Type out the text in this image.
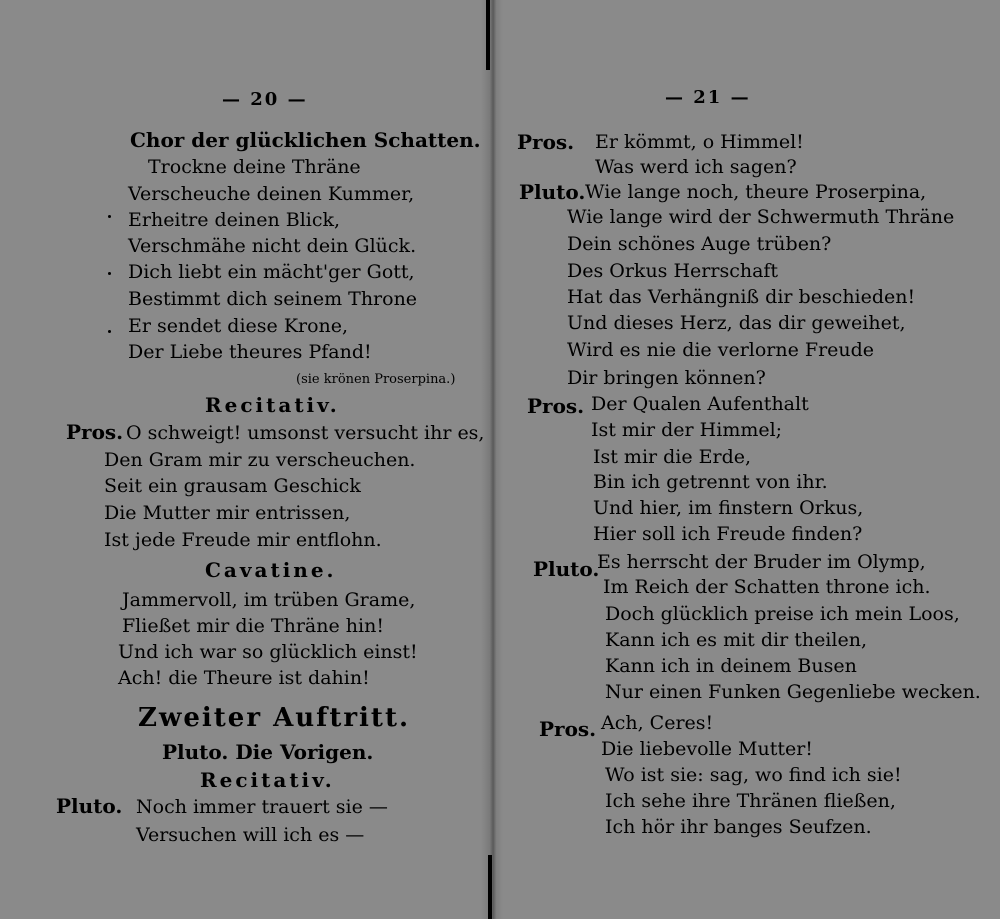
— 20 —
Chor der glücklichen Schatten.
Trockne deine Thräne
Verscheuche deinen Kummer,
Erheitre deinen Blick,
Verschmähe nicht dein Glück.
Dich liebt ein mächt'ger Gott,
Bestimmt dich seinem Throne
Er sendet diese Krone,
Der Liebe theures Pfand!
(sie krönen Proserpina.)
Recitativ.
Pros. O schweigt! umsonst versucht ihr es,
Den Gram mir zu verscheuchen.
Seit ein grausam Geschick
Die Mutter mir entrissen,
Ist jede Freude mir entflohn.
Cavatine.
Jammervoll, im trüben Grame,
Fließet mir die Thräne hin!
Und ich war so glücklich einst!
Ach! die Theure ist dahin!
Zweiter Auftritt.
Pluto. Die Vorigen.
Recitativ.
Pluto. Noch immer trauert sie —
Versuchen will ich es —
— 21 —
Pros. Er kömmt, o Himmel!
Was werd ich sagen?
Pluto. Wie lange noch, theure Proserpina,
Wie lange wird der Schwermuth Thräne
Dein schönes Auge trüben?
Des Orkus Herrschaft
Hat das Verhängniß dir beschieden!
Und dieses Herz, das dir geweihet,
Wird es nie die verlorne Freude
Dir bringen können?
Pros. Der Qualen Aufenthalt
Ist mir der Himmel;
Ist mir die Erde,
Bin ich getrennt von ihr.
Und hier, im finstern Orkus,
Hier soll ich Freude finden?
Pluto.
Es herrscht der Bruder im Olymp,
Im Reich der Schatten throne ich.
Doch glücklich preise ich mein Loos,
Kann ich es mit dir theilen,
Kann ich in deinem Busen
Nur einen Funken Gegenliebe wecken.
Pros. Ach, Ceres!
Die liebevolle Mutter!
Wo ist sie: sag, wo find ich sie!
Ich sehe ihre Thränen fließen,
Ich hör ihr banges Seufzen.
